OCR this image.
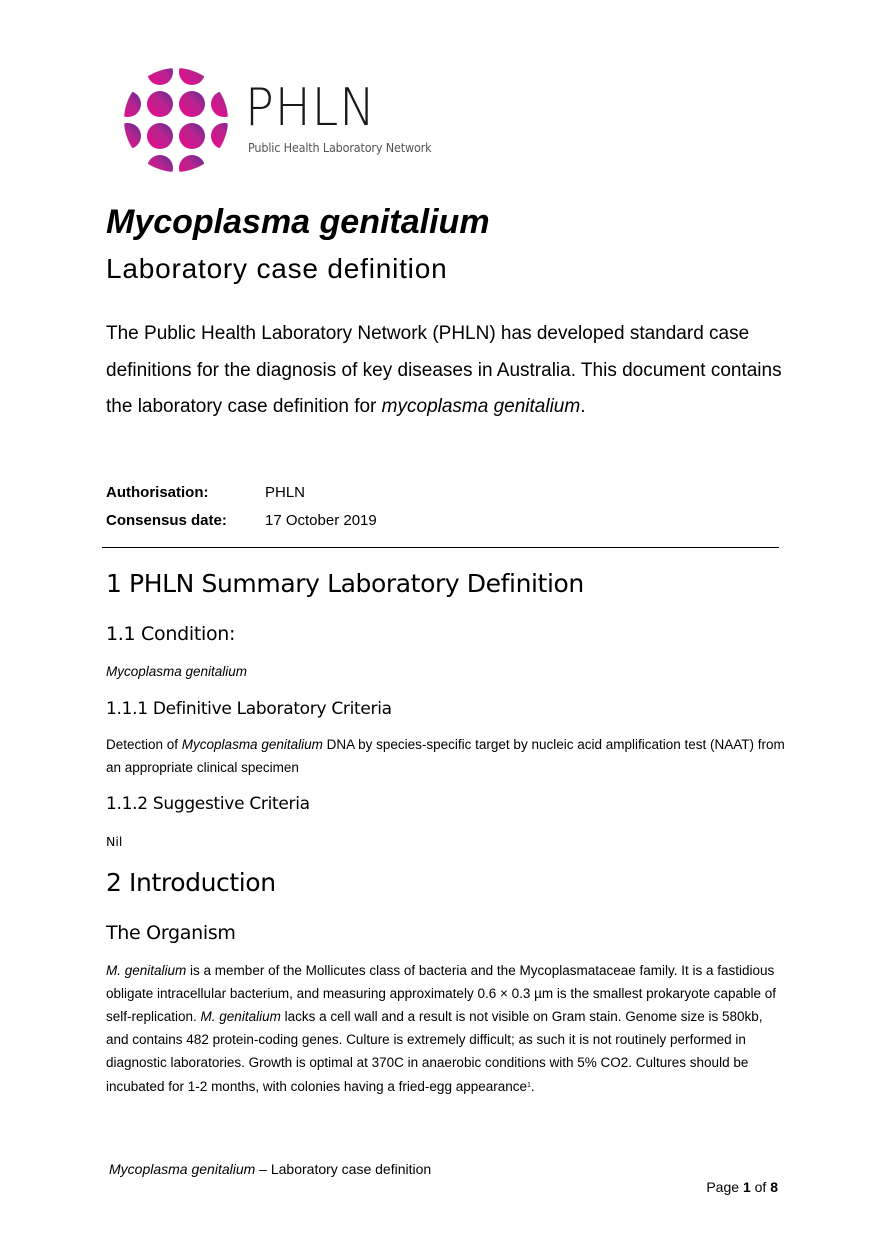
PHLN
Public Health Laboratory Network
Mycoplasma genitalium
Laboratory case definition
The Public Health Laboratory Network (PHLN) has developed standard case definitions for the diagnosis of key diseases in Australia. This document contains the laboratory case definition for mycoplasma genitalium.
Authorisation:	PHLN
Consensus date:	17 October 2019
1 PHLN Summary Laboratory Definition
1.1 Condition:
Mycoplasma genitalium
1.1.1 Definitive Laboratory Criteria
Detection of Mycoplasma genitalium DNA by species-specific target by nucleic acid amplification test (NAAT) from an appropriate clinical specimen
1.1.2 Suggestive Criteria
Nil
2 Introduction
The Organism
M. genitalium is a member of the Mollicutes class of bacteria and the Mycoplasmataceae family. It is a fastidious obligate intracellular bacterium, and measuring approximately 0.6 × 0.3 µm is the smallest prokaryote capable of self-replication. M. genitalium lacks a cell wall and a result is not visible on Gram stain. Genome size is 580kb, and contains 482 protein-coding genes. Culture is extremely difficult; as such it is not routinely performed in diagnostic laboratories. Growth is optimal at 370C in anaerobic conditions with 5% CO2. Cultures should be incubated for 1-2 months, with colonies having a fried-egg appearance$^1$.
Mycoplasma genitalium – Laboratory case definition
Page 1 of 8
